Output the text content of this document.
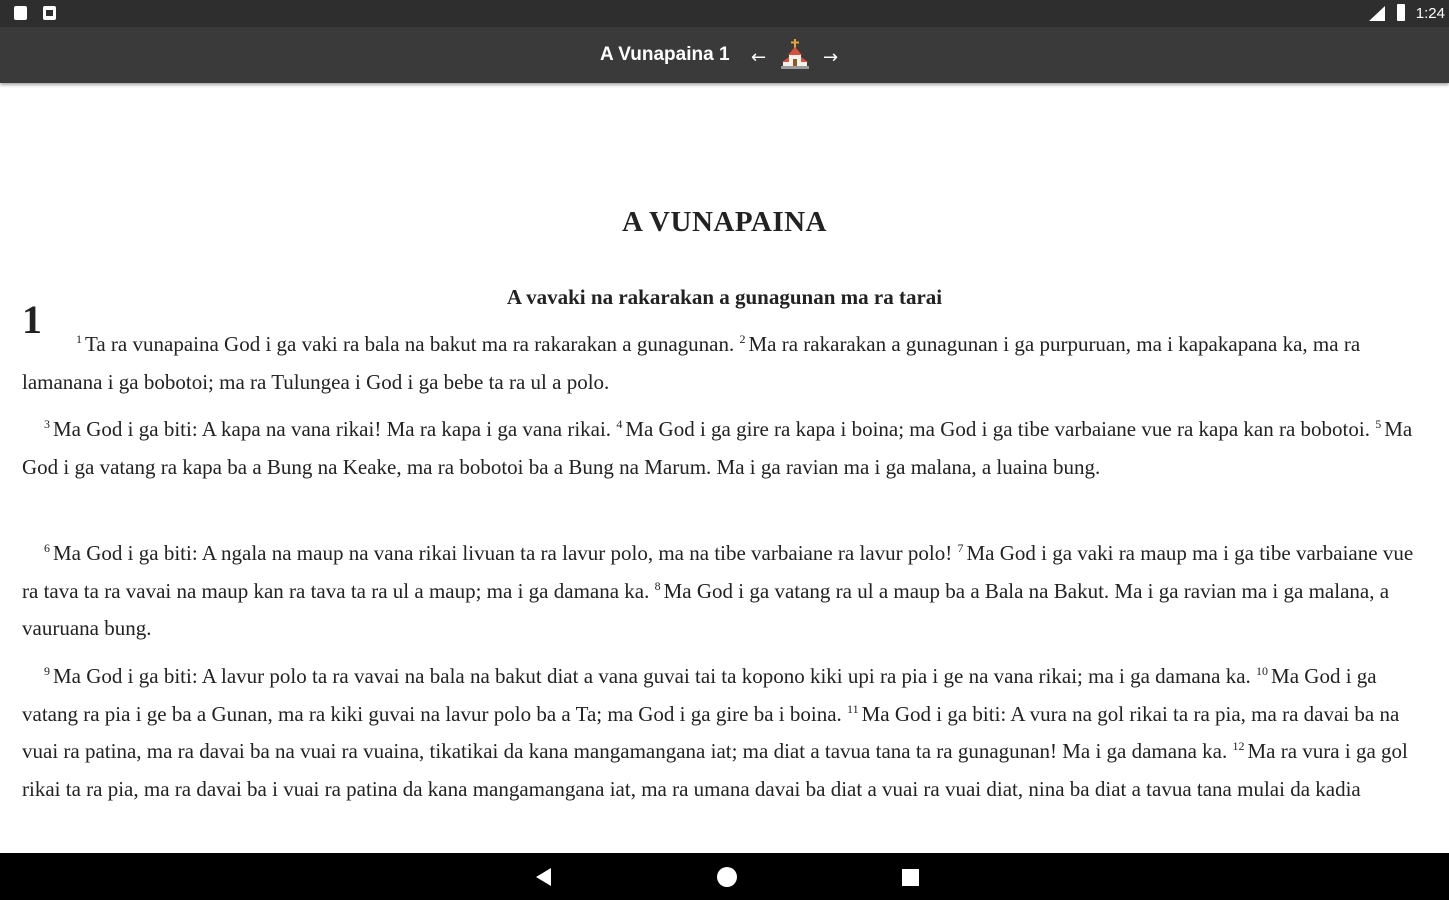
1:24
A Vunapaina 1	←	→
A VUNAPAINA
A vavaki na rakarakan a gunagunan ma ra tarai
1	$^1$ Ta ra vunapaina God i ga vaki ra bala na bakut ma ra rakarakan a gunagunan. $^2$ Ma ra rakarakan a gunagunan i ga purpuruan, ma i kapakapana ka, ma ra lamanana i ga bobotoi; ma ra Tulungea i God i ga bebe ta ra ul a polo.

$^3$ Ma God i ga biti: A kapa na vana rikai! Ma ra kapa i ga vana rikai. $^4$ Ma God i ga gire ra kapa i boina; ma God i ga tibe varbaiane vue ra kapa kan ra bobotoi. $^5$ Ma God i ga vatang ra kapa ba a Bung na Keake, ma ra bobotoi ba a Bung na Marum. Ma i ga ravian ma i ga malana, a luaina bung.

$^6$ Ma God i ga biti: A ngala na maup na vana rikai livuan ta ra lavur polo, ma na tibe varbaiane ra lavur polo! $^7$ Ma God i ga vaki ra maup ma i ga tibe varbaiane vue ra tava ta ra vavai na maup kan ra tava ta ra ul a maup; ma i ga damana ka. $^8$ Ma God i ga vatang ra ul a maup ba a Bala na Bakut. Ma i ga ravian ma i ga malana, a vauruana bung.

$^9$ Ma God i ga biti: A lavur polo ta ra vavai na bala na bakut diat a vana guvai tai ta kopono kiki upi ra pia i ge na vana rikai; ma i ga damana ka. $^{10}$ Ma God i ga vatang ra pia i ge ba a Gunan, ma ra kiki guvai na lavur polo ba a Ta; ma God i ga gire ba i boina. $^{11}$ Ma God i ga biti: A vura na gol rikai ta ra pia, ma ra davai ba na vuai ra patina, ma ra davai ba na vuai ra vuaina, tikatikai da kana mangamangana iat; ma diat a tavua tana ta ra gunagunan! Ma i ga damana ka. $^{12}$ Ma ra vura i ga gol rikai ta ra pia, ma ra davai ba i vuai ra patina da kana mangamangana iat, ma ra umana davai ba diat a vuai ra vuai diat, nina ba diat a tavua tana mulai da kadia
